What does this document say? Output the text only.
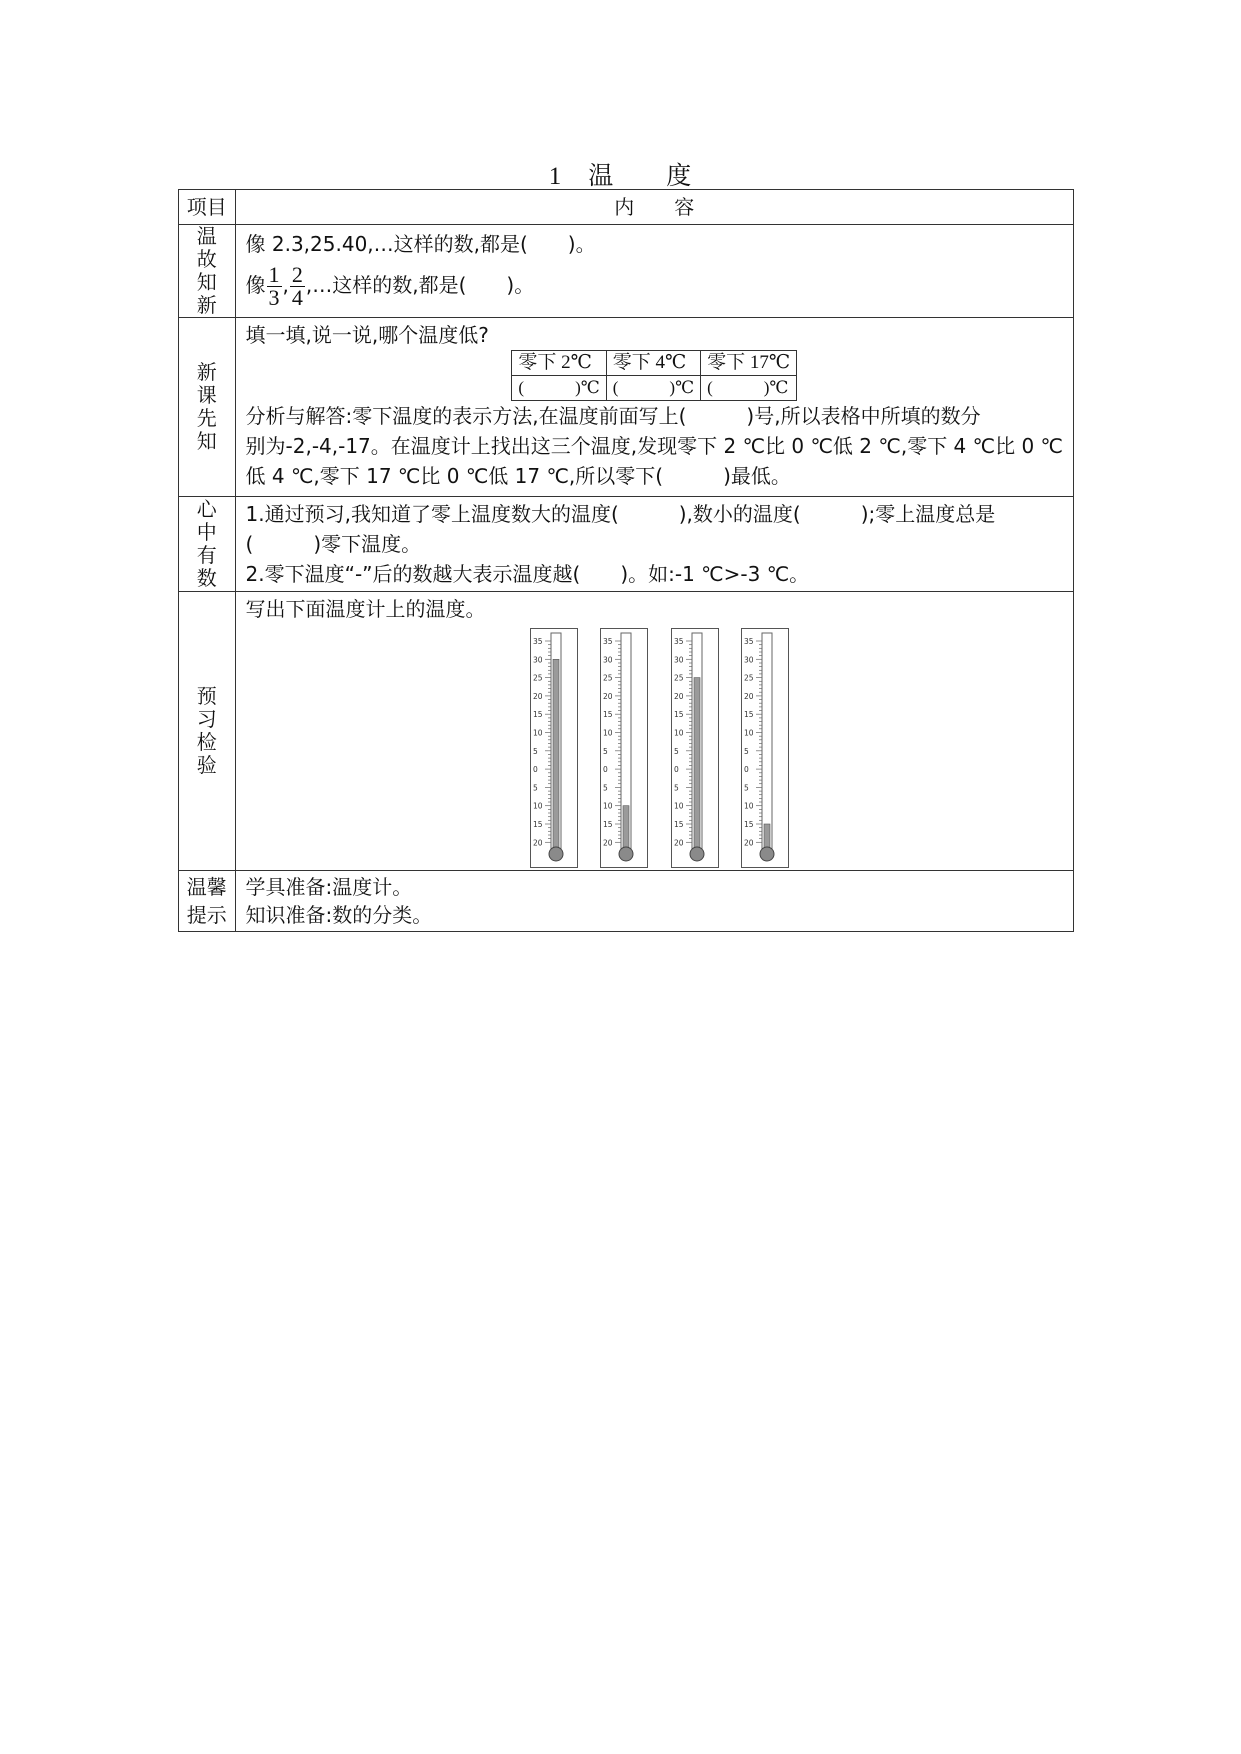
1　温　　度
项目	内　　容

温
故
知
新

像 2.3,25.40,…这样的数,都是(　　)。
像 $\frac{1}{3}$ , $\frac{2}{4}$ ,…这样的数,都是(　　)。

新
课
先
知

填一填,说一说,哪个温度低?
零下 2℃	零下 4℃	零下 17℃
(　　　)℃	(　　　)℃	(　　　)℃
分析与解答:零下温度的表示方法,在温度前面写上(　　　)号,所以表格中所填的数分
别为-2,-4,-17。在温度计上找出这三个温度,发现零下 2 ℃比 0 ℃低 2 ℃,零下 4 ℃比 0 ℃
低 4 ℃,零下 17 ℃比 0 ℃低 17 ℃,所以零下(　　　)最低。

心
中
有
数

1.通过预习,我知道了零上温度数大的温度(　　　),数小的温度(　　　);零上温度总是
(　　　)零下温度。
2.零下温度“-”后的数越大表示温度越(　　)。如:-1 ℃>-3 ℃。

预
习
检
验

写出下面温度计上的温度。
35
30
25
20
15
10
5
0
5
10
15
20
35
30
25
20
15
10
5
0
5
10
15
20
35
30
25
20
15
10
5
0
5
10
15
20
35
30
25
20
15
10
5
0
5
10
15
20

温馨
提示

学具准备:温度计。
知识准备:数的分类。
